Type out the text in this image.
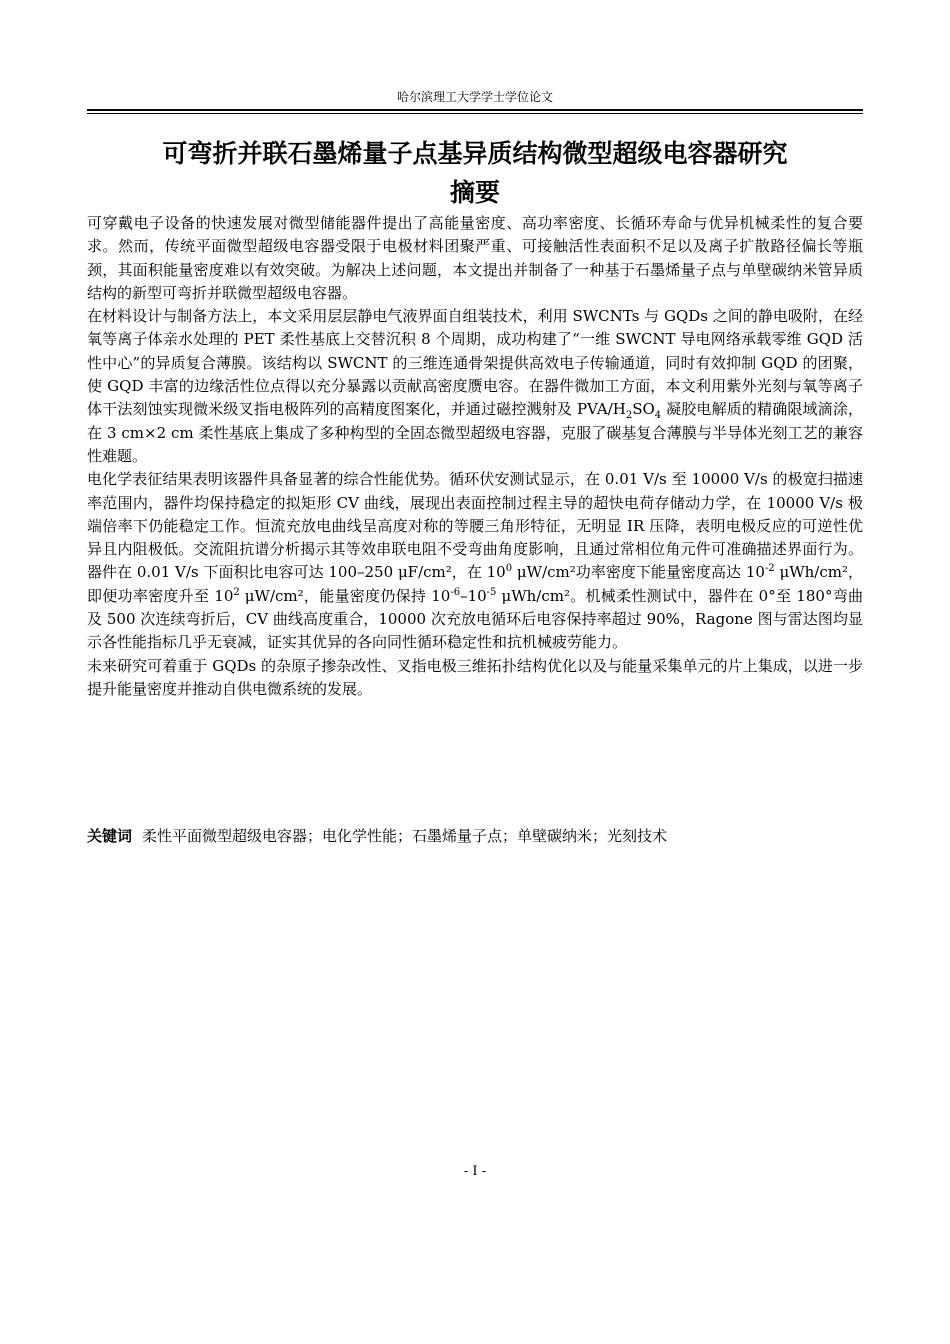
哈尔滨理工大学学士学位论文
可弯折并联石墨烯量子点基异质结构微型超级电容器研究
摘要

可穿戴电子设备的快速发展对微型储能器件提出了高能量密度、高功率密度、长循环寿命与优异机械柔性的复合要求。然而，传统平面微型超级电容器受限于电极材料团聚严重、可接触活性表面积不足以及离子扩散路径偏长等瓶颈，其面积能量密度难以有效突破。为解决上述问题，本文提出并制备了一种基于石墨烯量子点与单壁碳纳米管异质结构的新型可弯折并联微型超级电容器。

在材料设计与制备方法上，本文采用层层静电气液界面自组装技术，利用 SWCNTs 与 GQDs 之间的静电吸附，在经氧等离子体亲水处理的 PET 柔性基底上交替沉积 8 个周期，成功构建了“一维 SWCNT 导电网络承载零维 GQD 活性中心”的异质复合薄膜。该结构以 SWCNT 的三维连通骨架提供高效电子传输通道，同时有效抑制 GQD 的团聚，使 GQD 丰富的边缘活性位点得以充分暴露以贡献高密度赝电容。在器件微加工方面，本文利用紫外光刻与氧等离子体干法刻蚀实现微米级叉指电极阵列的高精度图案化，并通过磁控溅射及 PVA/$H_2SO_4$ 凝胶电解质的精确限域滴涂，在 3 cm×2 cm 柔性基底上集成了多种构型的全固态微型超级电容器，克服了碳基复合薄膜与半导体光刻工艺的兼容性难题。

电化学表征结果表明该器件具备显著的综合性能优势。循环伏安测试显示，在 0.01 V/s 至 10000 V/s 的极宽扫描速率范围内，器件均保持稳定的拟矩形 CV 曲线，展现出表面控制过程主导的超快电荷存储动力学，在 10000 V/s 极端倍率下仍能稳定工作。恒流充放电曲线呈高度对称的等腰三角形特征，无明显 IR 压降，表明电极反应的可逆性优异且内阻极低。交流阻抗谱分析揭示其等效串联电阻不受弯曲角度影响，且通过常相位角元件可准确描述界面行为。器件在 0.01 V/s 下面积比电容可达 100–250 μF/cm²，在 $10^0$ μW/cm²功率密度下能量密度高达 $10^{-2}$ μWh/cm²，即便功率密度升至 $10^2$ μW/cm²，能量密度仍保持 $10^{-6}-10^{-5}$ μWh/cm²。机械柔性测试中，器件在 0°至 180°弯曲及 500 次连续弯折后，CV 曲线高度重合，10000 次充放电循环后电容保持率超过 90%，Ragone 图与雷达图均显示各性能指标几乎无衰减，证实其优异的各向同性循环稳定性和抗机械疲劳能力。

未来研究可着重于 GQDs 的杂原子掺杂改性、叉指电极三维拓扑结构优化以及与能量采集单元的片上集成，以进一步提升能量密度并推动自供电微系统的发展。

关键词 柔性平面微型超级电容器；电化学性能；石墨烯量子点；单壁碳纳米；光刻技术
- I -
